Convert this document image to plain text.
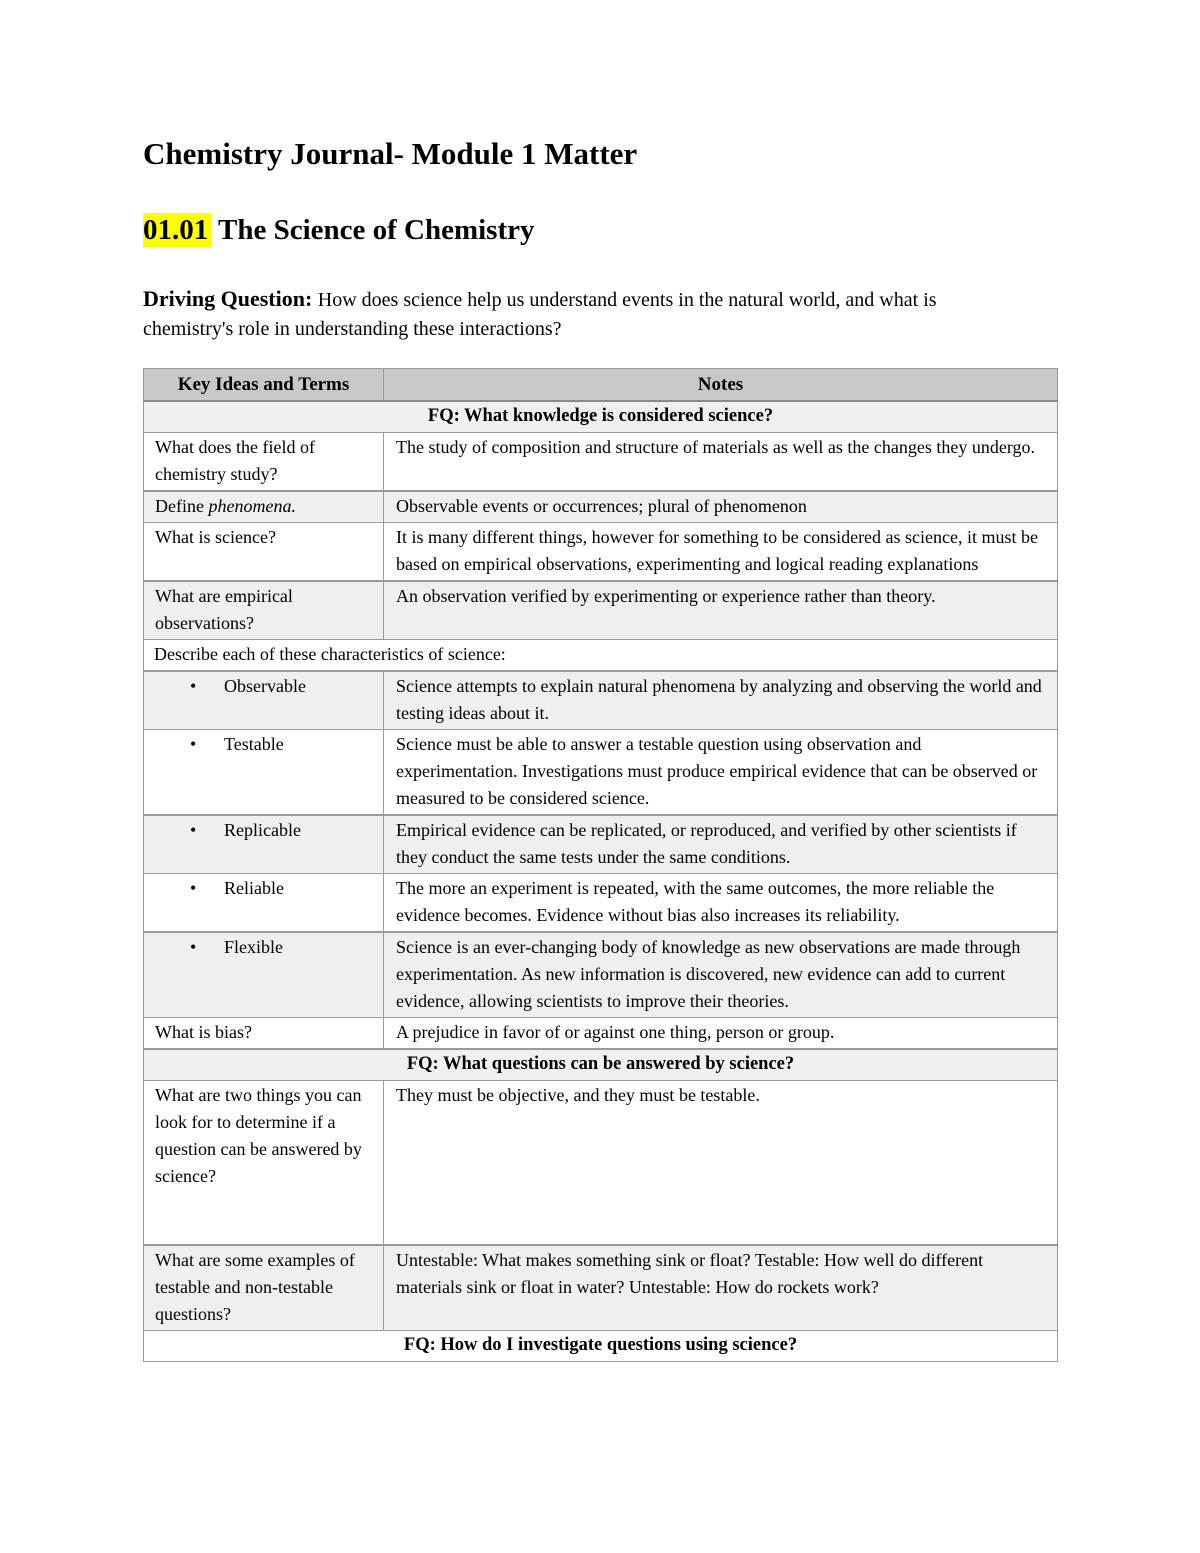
Chemistry Journal- Module 1 Matter
01.01 The Science of Chemistry

Driving Question: How does science help us understand events in the natural world, and what is chemistry's role in understanding these interactions?

Key Ideas and Terms	Notes
FQ: What knowledge is considered science?	
What does the field of chemistry study?	The study of composition and structure of materials as well as the changes they undergo.
Define phenomena.	Observable events or occurrences; plural of phenomenon
What is science?	It is many different things, however for something to be considered as science, it must be based on empirical observations, experimenting and logical reading explanations
What are empirical observations?	An observation verified by experimenting or experience rather than theory.
Describe each of these characteristics of science:	
• Observable	Science attempts to explain natural phenomena by analyzing and observing the world and testing ideas about it.
• Testable	Science must be able to answer a testable question using observation and experimentation. Investigations must produce empirical evidence that can be observed or measured to be considered science.
• Replicable	Empirical evidence can be replicated, or reproduced, and verified by other scientists if they conduct the same tests under the same conditions.
• Reliable	The more an experiment is repeated, with the same outcomes, the more reliable the evidence becomes. Evidence without bias also increases its reliability.
• Flexible	Science is an ever-changing body of knowledge as new observations are made through experimentation. As new information is discovered, new evidence can add to current evidence, allowing scientists to improve their theories.
What is bias?	A prejudice in favor of or against one thing, person or group.
FQ: What questions can be answered by science?	
What are two things you can look for to determine if a question can be answered by science?	They must be objective, and they must be testable.
What are some examples of testable and non-testable questions?	Untestable: What makes something sink or float? Testable: How well do different materials sink or float in water? Untestable: How do rockets work?
FQ: How do I investigate questions using science?	
